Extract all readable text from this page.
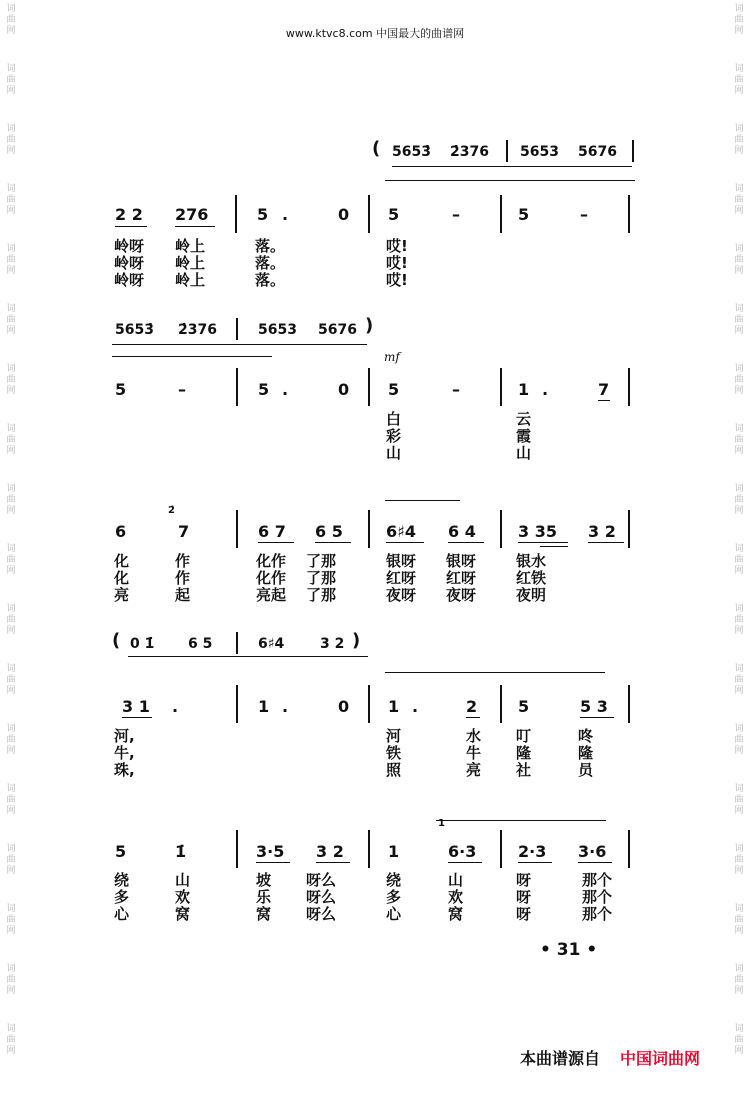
www.ktvc8.com 中国最大的曲谱网
词
曲
网
词
曲
网
词
曲
网
词
曲
网
词
曲
网
词
曲
网
词
曲
网
词
曲
网
词
曲
网
词
曲
网
词
曲
网
词
曲
网
词
曲
网
词
曲
网
词
曲
网
词
曲
网
词
曲
网
词
曲
网
词
曲
网
词
曲
网
词
曲
网
词
曲
网
词
曲
网
词
曲
网
词
曲
网
词
曲
网
词
曲
网
词
曲
网
词
曲
网
词
曲
网
词
曲
网
词
曲
网
词
曲
网
词
曲
网
词
曲
网
词
曲
网
( 5653̇ 2̇376 5653 5676
2 2 276	5 .	0 5	–	5	–
岭呀 岭上	落。	哎!
岭呀 岭上	落。	哎!
岭呀 岭上	落。	哎!
5653̇ 2̇376	5653 5676 )
mf
5	–	5 .	0 5	–	1 .	7
白	云
彩	霞
山	山
2̇
6	7	6 7 6 5	6♯4 6 4	3 35 3 2
化	作	化作 了那	银呀 银呀	银水
化	作	化作 了那	红呀 红呀	红铁
亮	起	亮起 了那	夜呀 夜呀	夜明
( 0 1̇ 6 5	6♯4	3 2 )
3 1 .	1 .	0 1 .	2	5	5 3
河,	河	水 叮	咚
牛,	铁	牛 隆	隆
珠,	照	亮 社	员
1
5	1̇	3·5 3 2	1	6·3	2·3 3·6
绕	山	坡 呀么	绕	山	呀	那个
多	欢	乐 呀么	多	欢	呀	那个
心	窝	窝 呀么	心	窝	呀	那个
• 31 •
本曲谱源自 中国词曲网
